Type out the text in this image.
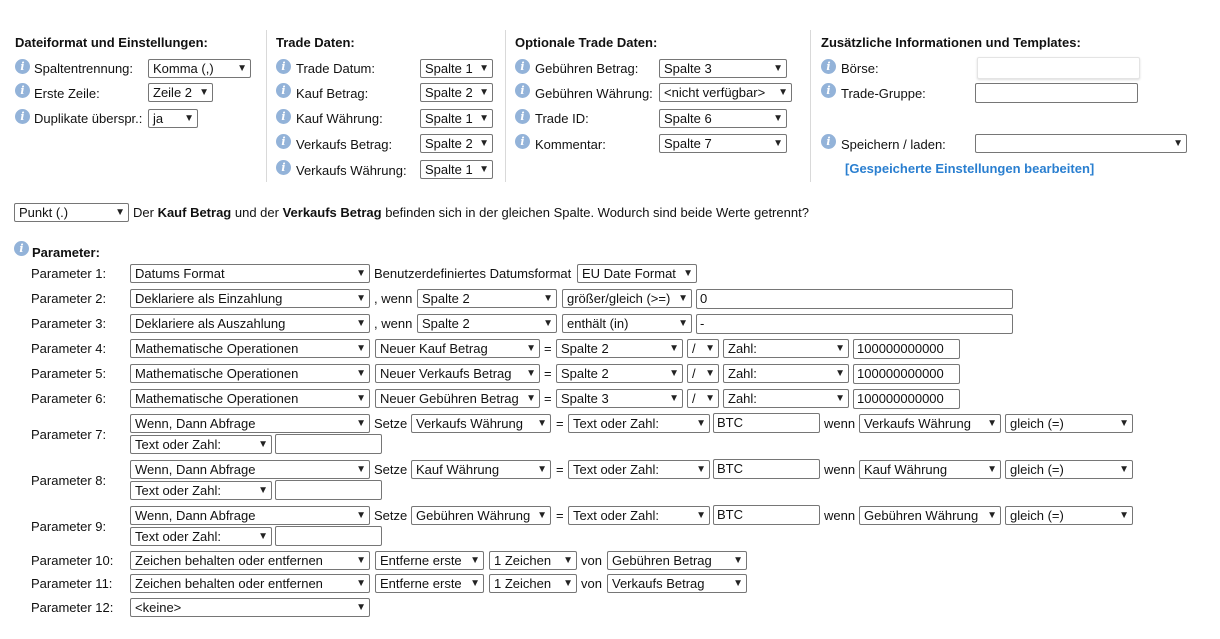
Dateiformat und Einstellungen:
i Spaltentrennung:	Komma (,) ▼
i Erste Zeile:	Zeile 2 ▼
i Duplikate überspr.: ja ▼
Trade Daten:
i Trade Datum:	Spalte 1 ▼
i Kauf Betrag:	Spalte 2 ▼
i Kauf Währung:	Spalte 1 ▼
i Verkaufs Betrag:	Spalte 2 ▼
i Verkaufs Währung:	Spalte 1 ▼
Optionale Trade Daten:
i Gebühren Betrag:	Spalte 3	▼
i Gebühren Währung: <nicht verfügbar> ▼
i Trade ID:	Spalte 6	▼
i Kommentar:	Spalte 7	▼
Zusätzliche Informationen und Templates:
i Börse:
i Trade-Gruppe:
i Speichern / laden:	▼
[Gespeicherte Einstellungen bearbeiten]
Punkt (.)	▼ Der Kauf Betrag und der Verkaufs Betrag befinden sich in der gleichen Spalte. Wodurch sind beide Werte getrennt?
i Parameter:
Parameter 1:	Datums Format	▼ Benutzerdefiniertes Datumsformat EU Date Format ▼
Parameter 2:	Deklariere als Einzahlung	▼ , wenn Spalte 2	▼	größer/gleich (>=) ▼ 0
Parameter 3:	Deklariere als Auszahlung	▼ , wenn Spalte 2	▼	enthält (in)	▼ -
Parameter 4:	Mathematische Operationen	▼	Neuer Kauf Betrag	▼ = Spalte 2	▼	/ ▼	Zahl:	▼ 100000000000
Parameter 5:	Mathematische Operationen	▼	Neuer Verkaufs Betrag ▼ = Spalte 2	▼	/ ▼	Zahl:	▼ 100000000000
Parameter 6:	Mathematische Operationen	▼	Neuer Gebühren Betrag ▼ = Spalte 3	▼	/ ▼	Zahl:	▼ 100000000000
Parameter 7:
Wenn, Dann Abfrage	▼ Setze Verkaufs Währung ▼ = Text oder Zahl:	▼ BTC	wenn Verkaufs Währung ▼	gleich (=)	▼
Text oder Zahl:	▼
Parameter 8:
Wenn, Dann Abfrage	▼ Setze Kauf Währung	▼ = Text oder Zahl:	▼ BTC	wenn Kauf Währung	▼	gleich (=)	▼
Text oder Zahl:	▼
Parameter 9:
Wenn, Dann Abfrage	▼ Setze Gebühren Währung ▼ = Text oder Zahl:	▼ BTC	wenn Gebühren Währung ▼	gleich (=)	▼
Text oder Zahl:	▼
Parameter 10:	Zeichen behalten oder entfernen	▼	Entferne erste ▼	1 Zeichen ▼ von Gebühren Betrag ▼
Parameter 11:	Zeichen behalten oder entfernen	▼	Entferne erste ▼	1 Zeichen ▼ von Verkaufs Betrag	▼
Parameter 12:	<keine>	▼
